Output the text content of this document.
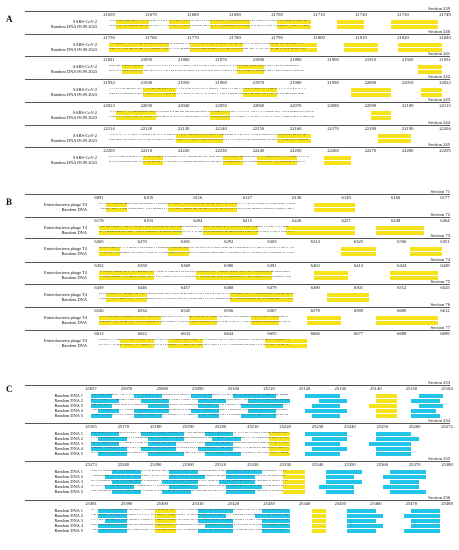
A
Section 239
21659	21670	21680	21690	21700	21710	21720	21730	21749
SARS-CoV-2	TAAAGTGGACATTTTACCATTGTTATGTTTATCTGTTAACAATCTTTACAAAAATAATGGTAAACAATTGGATGCTGA
Random DNA 09.09.2023	CAATCTGTGCAAGTGACTGTTTTCTGTTTCACTGGCACATTTTTACCGCTATAGCTAACTATGTTACGCTTAGTTTGC
Section 240
21750	21760	21770	21780	21790	21800	21810	21820	21840
SARS-CoV-2	TTACCATTATAACAAACACACAGATCCCAATGTTATGATCGAAGAGTCACACTATTAGCTAACCCGACAGACCTTT
Random DNA 09.09.2023	GCATATCAGAAAGATAAAGCAACTATAAGGGCTCTAGCAAGCTATACAAAAACCACATTCTGTCAGATCAAGAGTCT
Section 241
21841	21850	21860	21870	21880	21890	21900	21910	21920	21931
SARS-CoV-2	GCAGAAGCTCGCATTGTAATATATTATTAGCATGTAACATGTACAAATTAAAGCACCAACAAAATCAAACCGGG
Random DNA 09.09.2023	GAATTGGAACCAAAGAGTAATTCTGAAGAGAGGTATGAAGTGGTAGAATCAATGGATGAGGAGATGCTCCCTGCAC
Section 242
21932	21940	21950	21960	21970	21980	21990	22000	22010	22022
SARS-CoV-2	TTAATCAGAGTCTTTTACTCAAATATTTAAACTACTGTTCCCTTGGTTACATTCGTACTATTACATTTTTAAAATTT
Random DNA 09.09.2023	GCAATACCCATGATAGTTTTTTGAACATTCAATTCATTAACTTTCATGGGTAAGTCAGCTGATGTCAAAGACGAGG
Section 243
22023	22030	22040	22050	22060	22070	22080	22090	22100	22113
SARS-CoV-2	TATGCATTTGGCCCCAGAATCAGAAAGAGAGACACAGAAATCCATTTACTTATATTGTTTTCCGACTTCAAGCCACTCAC
Random DNA 09.09.2023	ACGTATACTACATAAGTTCAAGAATTAATACCACGTTCTACCAGAGGATTGCCTTTACTTTGTTTGTTCCAAGTAAGAAG
Section 244
22114	22120	22130	22140	22150	22160	22170	22180	22190	22204
SARS-CoV-2	TAAATTTTTGATTCGGTCATTTAGACTTGCTCAAGTCTTGATTGGCCCATTGTGTTTGAAGGAATAGTGATACTTAG
Random DNA 09.09.2023	GCAGCTGTGCTGTATGATCCATACCTTGATTTCAATGCAACGAGAATTATGACACACCCGCAAACTTTAGACAAGGAG
Section 245
22205	22210	22220	22230	22240	22250	22260	22270	22280	22295
SARS-CoV-2	GTATCCAAGCAATATCATGGAAAACCAAATTGGCAGTCTCGAGAACTAGGTCGCCAGCTTTCGCAATTATCGGTTATG
Random DNA 09.09.2023	CTCAGCCGAGCTACTGACTCTTACTGATTGCGAGGCCAAACAGTTAGGCCATCATGGCACTAGTTCAACCGATCAAT
B
Section 71
6091	6105	6116	6127	6138	6149	6160	6177
Enterobacteria phage T4	GTTGTACCGAGCAAGACACGGTTGCCACTGCATTGAGAAGCAGCCAGGTGAACCATTTCTGTCGATAAGAGCTTCCA
Random DNA	TCCCTGATTCGTCGACGTTGTGCGATTATTCATCCAACTGACATTATCAAAAATGATGCAGCGTCCGAAACGTAGA
Section 72
6178	6193	6204	6215	6226	6237	6248	6264
Enterobacteria phage T4	ACAGAAGGTTCATTCCCTGCAACCGACAGCTGGACACCATAGCAAAGGAATTCAAAAGCAAGCGTTCGTATAGC
Random DNA	GTTGCGGAACTCGTTCATCCGGTAAGACTGCGATATTTAGACAGCCCGTGAGGAGCTACTTGATGAATGATCCATT
Section 73
6265	6270	6281	6292	6303	6314	6325	6336	6351
Enterobacteria phage T4	GAGAAGAATTTACCATCACGCTTCGGCTCCACACCACTGTCTAATGCTGGACTACGGAAATAGAATCACTTGATTG
Random DNA	ATCTCTTGGGGCTGTGCTAAGATTAGCCCAATCTCCTATGCGAAGGAGCTTGGGAACATTGGCTCATCGCGATTGC
Section 74
6352	6358	6369	6380	6391	6402	6413	6424	6438
Enterobacteria phage T4	TACACTGGGTGTTGTGCCGTGTTCGATCGAGTGACAGTTCGCGTCTTGCGTGCCACCTCTACGCGCAGACCACCT
Random DNA	TAGCAGGAATAAGCATGGTCATTCTCGCTGTATAGCTGTTACCAGTGGATCGCGCCTTGAACGTATGTCCGCTCG
Section 75
6439	6446	6457	6468	6479	6490	6501	6512	6525
Enterobacteria phage T4	CAAACCAATACGGTCAATTGCAAGCAGATCAACGTCAATCATCTGTCATATACGGCTAATTCCGCCGATCTGAGTC
Random DNA	AACTTAATGCATCTTTGTGACAACTTAGAGTGACTACCAGATTCTAGGCAAGTAGCCACCAAGTAAGGAGCTTATA
Section 76
6526	6534	6545	6556	6567	6578	6589	6600	6612
Enterobacteria phage T4	ATTAGACCTGCGGTAACCTCCTGTCGTGTATCTTTCATCACTTTGCTCAGGTACTCGGATAAATCATAGCCGAT
Random DNA	CCGCTTCTCAGTGTTACTCCCGAACTAGGATTCACACGTGGGCTACCTCGATCATTTCACGGGAGCAACCCTCAT
Section 77
6613	6622	6633	6644	6655	6666	6677	6688	6699
Enterobacteria phage T4	GAGATTTGATCTGCTACGTGACTAGTATTCGGACGACCATATACCCAGATAGCTGGCCTTCGAAAGCTAAGGTA
Random DNA	GTCTTTAGCTCCTTTTACGTTCTATAAGCGTTTCCTGTCCACATGCTTATTTCCGCAGAGCTATCAACTATGAG
C
Section 233
25057	25070	25080	25090	25100	25110	25120	25130	25140	25150	25164
Random DNA 1 TCAAGTGCGGTTCTATCTTTCCGATATGCGCGTAAGCATAATATGAGCGCTTACTGCTAACTCGACTAGGAACAGGG
Random DNA 2 CATTGGATTAGCGATGGTCTTCAAACAAGCTTCCTTGCATACACGTAAGTAGTCCACCTTCGTCATTTCCTCAACGAT
Random DNA 3 CGAGTCGTTCAAGGTAACGACATTTCAATAAAGTAATGGCCGAATGCTTATCTCCCTTGGTACTGTCATTGCACAATT
Random DNA 4 AGATACGCTTCTTTCGATGGCGGTATCCTCGAGACTAAGCCGTTGGGATGGCATGGCGTTACCACTCTGGCTGCCCA
Random DNA 5 TACTCAGCCTTCTTGCATACGAGGCTAGATCCGATTTAGGTTTGCACGCATCTAAGGGATATGTACGTATTCGAGTG
Section 234
25165	25170	25180	25190	25200	25210	25220	25230	25240	25250	25260	25272
Random DNA 1 AGGAGTAATGGGAAAAGTTCCACGTATGGTCGATTGTTGACCCCGCCCTCAAACTATTATCATACATCCGACGCAGA
Random DNA 2 ATAAGGACCAATCCAATACGGCCCTTCCGCTATGTGGCAGGCCGAACCTGGTTTAAGTGCTTTCTGCACCACAATAA
Random DNA 3 AATTCGAGGACTTGGGTTCCAATAGCGTGTCACTCTCGTAATCGTGAAAATCGGTCCCAGACCCCTGGAGTAATTCA
Random DNA 4 GGCCTAGCACTACACTGTTGGGCGTGATGACAGAAAGAACTGCGAGAGGTGGTCAGGGTTTAGCAAAGCCGATCCTA
Random DNA 5 CTTCCCTATACAGTGTGGAATAAGTGCGAAACAGTAAGATCTCTCGTCACGCTAGGCGATCGCTACTACTCCTTGCG
Section 235
25273	25280	25290	25300	25310	25320	25330	25340	25350	25360	25370	25380
Random DNA 1 CGAAAGGCACTGTCCGGTTTATCAACCTGACGAAGTGCTCTATCGCCGCAACTCAAGATTCGTGATATGCGCTTTC
Random DNA 2 TGGCCGGTCTTACTGTACTAAGTAACTTATTGAAAGAGAGGCAGTGCGTGAGACCCTGTACCAACGTCTCACGTGC
Random DNA 3 CTAAGGGAAAGTTTCGACCCAAGCGCTTAGTTCTAGAAGGCGTCTACGAATCTAAGACGGGCTAACCGGTACCTTAT
Random DNA 4 GTGTACTTCACGGCCGCTCCGACTTAACCGAACTGCCTTATTGGCTGCTGGGTCCCGAGATAGTAGCTGCACCTCA
Random DNA 5 ACTGCGCCTTCCTTGTTGGTTCGCAATCGTGAGTGTCCTGACCCGAGTGTATAGAAGAGCAGCGACAACTAACCG
Section 236
25381	25390	25400	25410	25420	25430	25440	25450	25460	25470	25488
Random DNA 1 CTTACAAACGGCAGAGACCTAAGGGTCGCGTCTTGAAACCACCCGTGACGCACCTCAGCAAGTGTCGGCAACAGTAT
Random DNA 2 AGTGCGATAGCAATACCTATATTTAACCTTAGGTGCTTACACCGGCCGTCGATATTGCCATGTGCTCTACAAAGTGG
Random DNA 3 ATTCGTCAGATATCAGGGTTCCCTTACCAAACCTCTCGTGTCTCCGTGATTCCGGTGGCTTACATCCCTACTCTGTC
Random DNA 4 GCAGGAAGAGAGCGACAGTGGCCGAGGCACCCTGACCAGATCCCTACACCATACCAATAGAATCTAGTTGCGAAGCA
Random DNA 5 TGTTGAGGCTACTTCATGGTCGTTAGGGGACAGTGTTAGCCATGCTCTTCACTATTAACACTCATGCCCTCTCGAT
